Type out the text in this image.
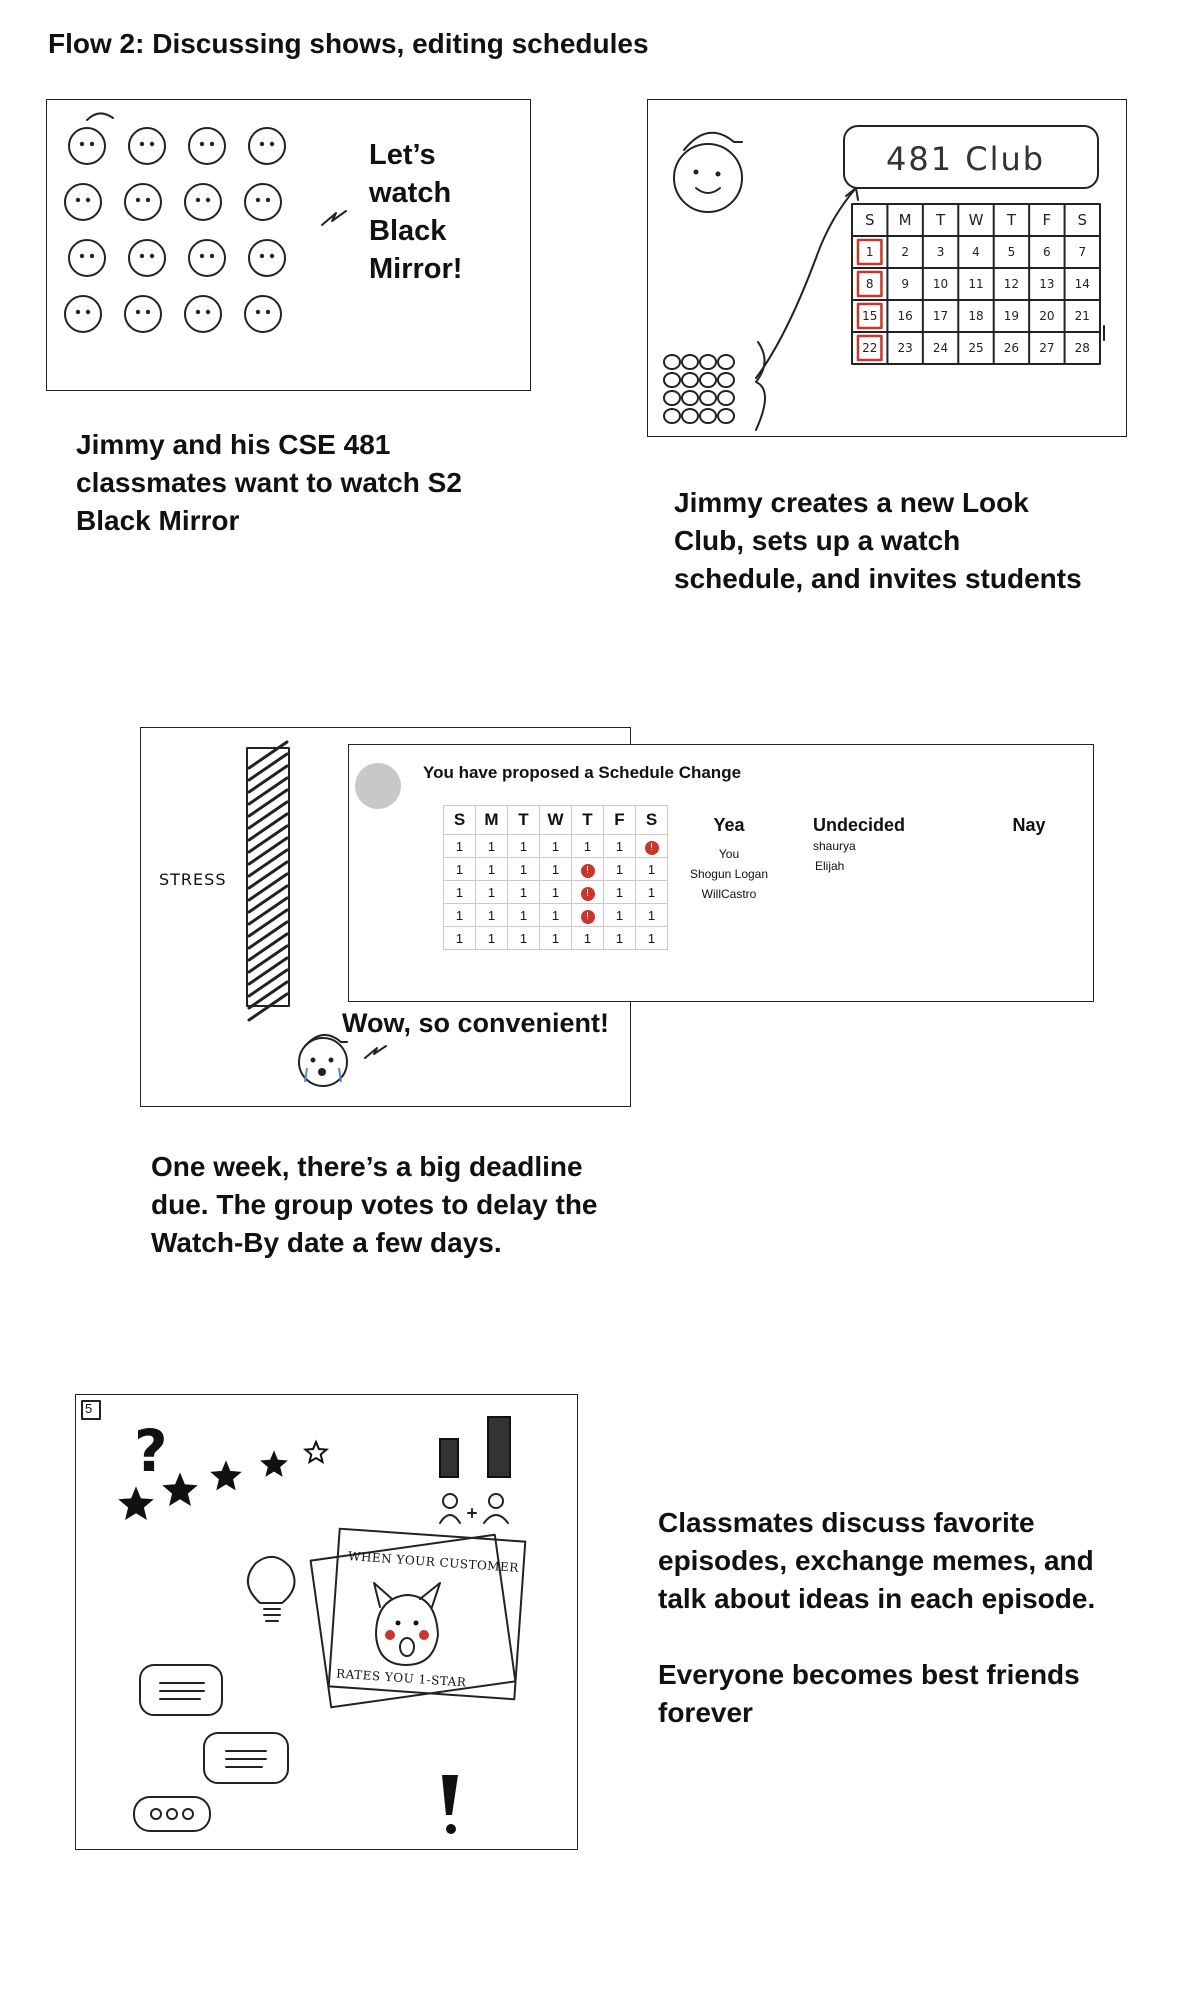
Flow 2: Discussing shows, editing schedules
Let’s
watch
Black
Mirror!
Jimmy and his CSE 481
classmates want to watch S2
Black Mirror
481 Club
S	M	T	W	T	F	S
1	2	3	4	5	6	7
8	9	10	11	12	13	14
15	16	17	18	19	20	21
22	23	24	25	26	27	28
Jimmy creates a new Look
Club, sets up a watch
schedule, and invites students
STRESS
You have proposed a Schedule Change
S	M	T	W	T	F	S
1	1	1	1	1	1	!
1	1	1	1	!	1	1
1	1	1	1	!	1	1
1	1	1	1	!	1	1
1	1	1	1	1	1	1
Yea
You
Shogun Logan
WillCastro
Undecided
shaurya
Elijah
Nay
Wow, so convenient!
One week, there’s a big deadline
due. The group votes to delay the
Watch-By date a few days.
?
5
WHEN YOUR CUSTOMER
RATES YOU 1-STAR
Classmates discuss favorite
episodes, exchange memes, and
talk about ideas in each episode.
Everyone becomes best friends
forever
